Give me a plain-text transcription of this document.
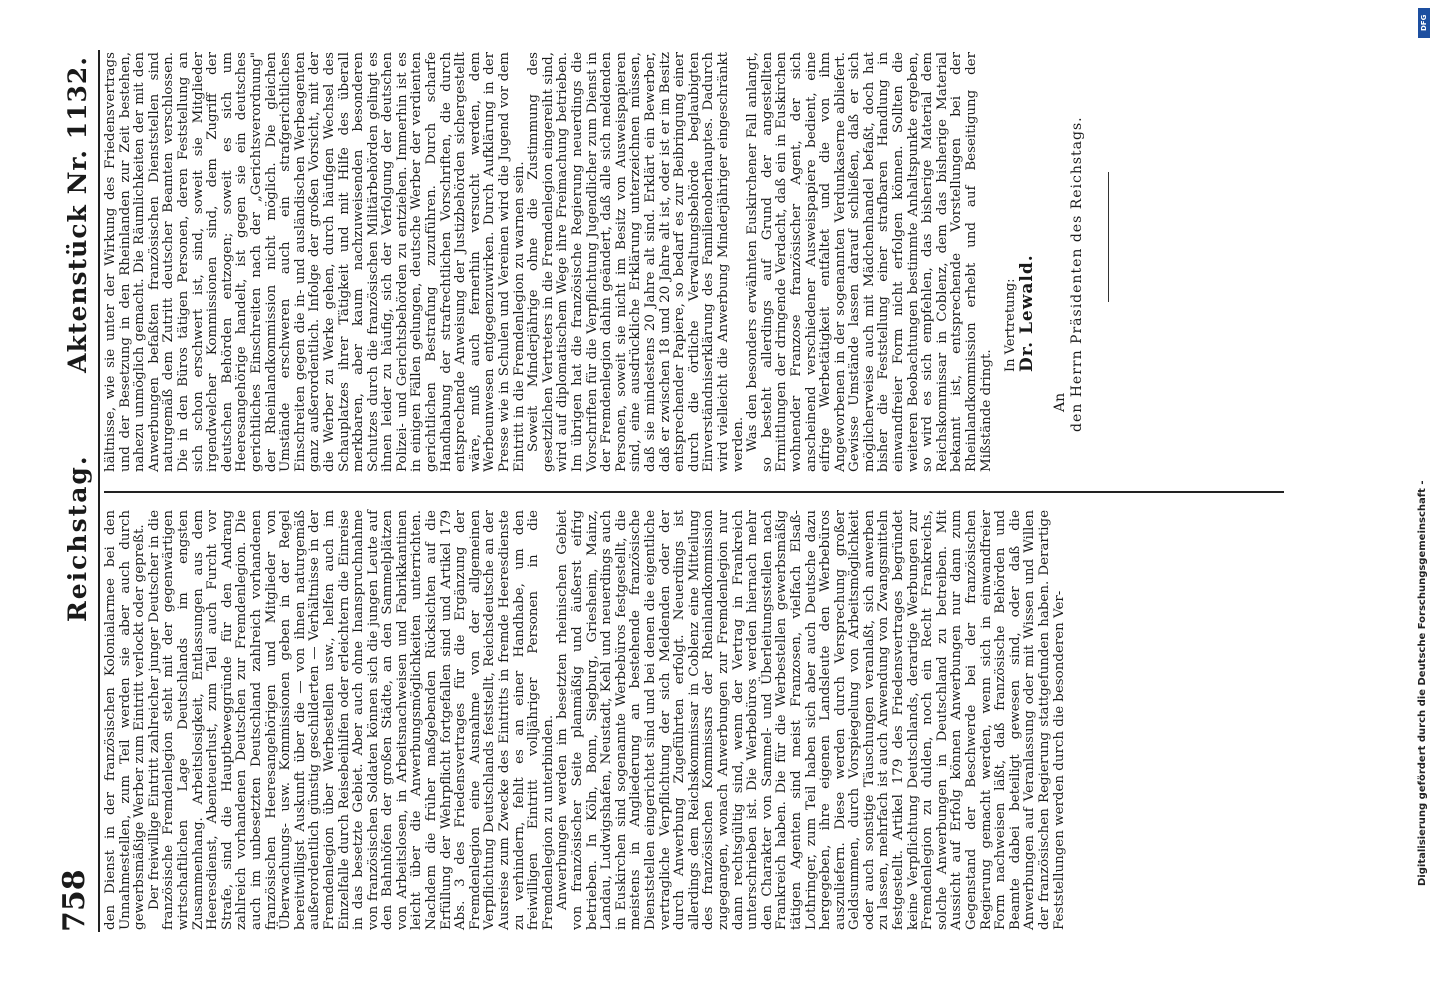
758
Reichstag.
Aktenstück Nr. 1132.

den Dienst in der französischen Kolonialarmee bei den Unnahmestellen, zum Teil werden sie aber auch durch gewerbsmäßige Werber zum Eintritt verlockt oder gepreßt. Der freiwillige Eintritt zahlreicher junger Deutscher in die französische Fremdenlegion steht mit der gegenwärtigen wirtschaftlichen Lage Deutschlands im engsten Zusammenhang. Arbeitslosigkeit, Entlassungen aus dem Heeresdienst, Abenteuerlust, zum Teil auch Furcht vor Strafe, sind die Hauptbeweggründe für den Andrang zahlreich vorhandenen Deutschen zur Fremdenlegion. Die auch im unbesetzten Deutschland zahlreich vorhandenen französischen Heeresangehörigen und Mitglieder von Überwachungs- usw. Kommissionen geben in der Regel bereitwilligst Auskunft über die — von ihnen naturgemäß außerordentlich günstig geschilderten — Verhältnisse in der Fremdenlegion über Werbestellen usw., helfen auch im Einzelfalle durch Reisebeihilfen oder erleichtern die Einreise in das besetzte Gebiet. Aber auch ohne Inanspruchnahme von französischen Soldaten können sich die jungen Leute auf den Bahnhöfen der großen Städte, an den Sammelplätzen von Arbeitslosen, in Arbeitsnachweisen und Fabrikkantinen leicht über die Anwerbungsmöglichkeiten unterrichten. Nachdem die früher maßgebenden Rücksichten auf die Erfüllung der Wehrpflicht fortgefallen sind und Artikel 179 Abs. 3 des Friedensvertrages für die Ergänzung der Fremdenlegion eine Ausnahme von der allgemeinen Verpflichtung Deutschlands feststellt, Reichsdeutsche an der Ausreise zum Zwecke des Eintritts in fremde Heeresdienste zu verhindern, fehlt es an einer Handhabe, um den freiwilligen Eintritt volljähriger Personen in die Fremdenlegion zu unterbinden. Anwerbungen werden im besetzten rheinischen Gebiet von französischer Seite planmäßig und äußerst eifrig betrieben. In Köln, Bonn, Siegburg, Griesheim, Mainz, Landau, Ludwigshafen, Neustadt, Kehl und neuerdings auch in Euskirchen sind sogenannte Werbebüros festgestellt, die meistens in Angliederung an bestehende französische Dienststellen eingerichtet sind und bei denen die eigentliche vertragliche Verpflichtung der sich Meldenden oder der durch Anwerbung Zugeführten erfolgt. Neuerdings ist allerdings dem Reichskommissar in Coblenz eine Mitteilung des französischen Kommissars der Rheinlandkommission zugegangen, wonach Anwerbungen zur Fremdenlegion nur dann rechtsgültig sind, wenn der Vertrag in Frankreich unterschrieben ist. Die Werbebüros werden hiernach mehr den Charakter von Sammel- und Überleitungsstellen nach Frankreich haben. Die für die Werbestellen gewerbsmäßig tätigen Agenten sind meist Franzosen, vielfach Elsaß-Lothringer, zum Teil haben sich aber auch Deutsche dazu hergegeben, ihre eigenen Landsleute den Werbebüros auszuliefern. Diese werden durch Versprechung großer Geldsummen, durch Vorspiegelung von Arbeitsmöglichkeit oder auch sonstige Täuschungen veranlaßt, sich anwerben zu lassen, mehrfach ist auch Anwendung von Zwangsmitteln festgestellt. Artikel 179 des Friedensvertrages begründet keine Verpflichtung Deutschlands, derartige Werbungen zur Fremdenlegion zu dulden, noch ein Recht Frankreichs, solche Anwerbungen in Deutschland zu betreiben. Mit Aussicht auf Erfolg können Anwerbungen nur dann zum Gegenstand der Beschwerde bei der französischen Regierung gemacht werden, wenn sich in einwandfreier Form nachweisen läßt, daß französische Behörden und Beamte dabei beteiligt gewesen sind, oder daß die Anwerbungen auf Veranlassung oder mit Wissen und Willen der französischen Regierung stattgefunden haben. Derartige Feststellungen werden durch die besonderen Ver-

hältnisse, wie sie unter der Wirkung des Friedensvertrags und der Besetzung in den Rheinlanden zur Zeit bestehen, nahezu unmöglich gemacht. Die Räumlichkeiten der mit den Anwerbungen befaßten französischen Dienststellen sind naturgemäß dem Zutritt deutscher Beamten verschlossen. Die in den Büros tätigen Personen, deren Feststellung an sich schon erschwert ist, sind, soweit sie Mitglieder irgendwelcher Kommissionen sind, dem Zugriff der deutschen Behörden entzogen; soweit es sich um Heeresangehörige handelt, ist gegen sie ein deutsches gerichtliches Einschreiten nach der „Gerichtsverordnung" der Rheinlandkommission nicht möglich. Die gleichen Umstände erschweren auch ein strafgerichtliches Einschreiten gegen die in- und ausländischen Werbeagenten ganz außerordentlich. Infolge der großen Vorsicht, mit der die Werber zu Werke gehen, durch häufigen Wechsel des Schauplatzes ihrer Tätigkeit und mit Hilfe des überall merkbaren, aber kaum nachzuweisenden besonderen Schutzes durch die französischen Militärbehörden gelingt es ihnen leider zu häufig, sich der Verfolgung der deutschen Polizei- und Gerichtsbehörden zu entziehen. Immerhin ist es in einigen Fällen gelungen, deutsche Werber der verdienten gerichtlichen Bestrafung zuzuführen. Durch scharfe Handhabung der strafrechtlichen Vorschriften, die durch entsprechende Anweisung der Justizbehörden sichergestellt wäre, muß auch fernerhin versucht werden, dem Werbeunwesen entgegenzuwirken. Durch Aufklärung in der Presse wie in Schulen und Vereinen wird die Jugend vor dem Eintritt in die Fremdenlegion zu warnen sein. Soweit Minderjährige ohne die Zustimmung des gesetzlichen Vertreters in die Fremdenlegion eingereiht sind, wird auf diplomatischem Wege ihre Freimachung betrieben. Im übrigen hat die französische Regierung neuerdings die Vorschriften für die Verpflichtung Jugendlicher zum Dienst in der Fremdenlegion dahin geändert, daß alle sich meldenden Personen, soweit sie nicht im Besitz von Ausweispapieren sind, eine ausdrückliche Erklärung unterzeichnen müssen, daß sie mindestens 20 Jahre alt sind. Erklärt ein Bewerber, daß er zwischen 18 und 20 Jahre alt ist, oder ist er im Besitz entsprechender Papiere, so bedarf es zur Beibringung einer durch die örtliche Verwaltungsbehörde beglaubigten Einverständniserklärung des Familienoberhauptes. Dadurch wird vielleicht die Anwerbung Minderjähriger eingeschränkt werden. Was den besonders erwähnten Euskirchener Fall anlangt, so besteht allerdings auf Grund der angestellten Ermittlungen der dringende Verdacht, daß ein in Euskirchen wohnender Franzose französischer Agent, der sich anscheinend verschiedener Ausweispapiere bedient, eine eifrige Werbetätigkeit entfaltet und die von ihm Angeworbenen in der sogenannten Verdunkaserne abliefert. Gewisse Umstände lassen darauf schließen, daß er sich möglicherweise auch mit Mädchenhandel befaßt, doch hat bisher die Feststellung einer strafbaren Handlung in einwandfreier Form nicht erfolgen können. Sollten die weiteren Beobachtungen bestimmte Anhaltspunkte ergeben, so wird es sich empfehlen, das bisherige Material dem Reichskommissar in Coblenz, dem das bisherige Material bekannt ist, entsprechende Vorstellungen bei der Rheinlandkommission erhebt und auf Beseitigung der Mißstände dringt.

In Vertretung: Dr. Lewald.
An den Herrn Präsidenten des Reichstags.
DFG
Digitalisierung gefördert durch die Deutsche Forschungsgemeinschaft -
